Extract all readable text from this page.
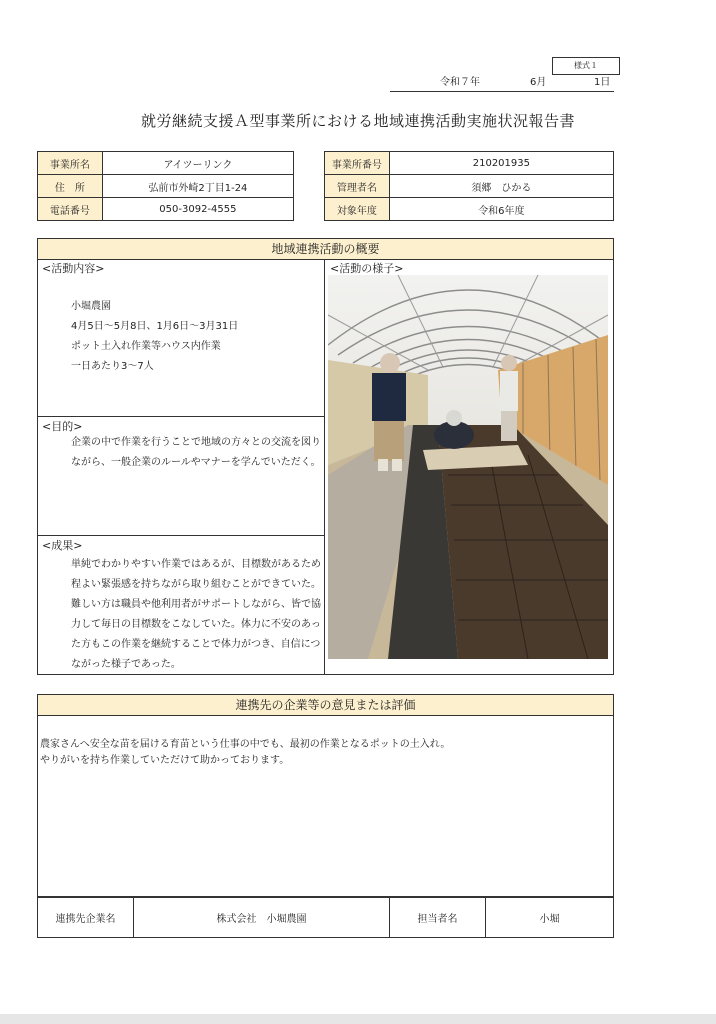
様式１
令和７年	6月	1日
就労継続支援Ａ型事業所における地域連携活動実施状況報告書
事業所名	アイツーリンク
住　所	弘前市外崎2丁目1-24
電話番号	050-3092-4555
事業所番号	210201935
管理者名	須郷　ひかる
対象年度	令和6年度
地域連携活動の概要
<活動内容>
小堀農園
4月5日～5月8日、1月6日～3月31日
ポット土入れ作業等ハウス内作業
一日あたり3～7人
<目的>
企業の中で作業を行うことで地域の方々との交流を図り
ながら、一般企業のルールやマナーを学んでいただく。
<成果>
単純でわかりやすい作業ではあるが、目標数があるため
程よい緊張感を持ちながら取り組むことができていた。
難しい方は職員や他利用者がサポートしながら、皆で協
力して毎日の目標数をこなしていた。体力に不安のあっ
た方もこの作業を継続することで体力がつき、自信につ
ながった様子であった。
<活動の様子>
連携先の企業等の意見または評価
農家さんへ安全な苗を届ける育苗という仕事の中でも、最初の作業となるポットの土入れ。
やりがいを持ち作業していただけて助かっております。
連携先企業名	株式会社　小堀農園	担当者名	小堀
